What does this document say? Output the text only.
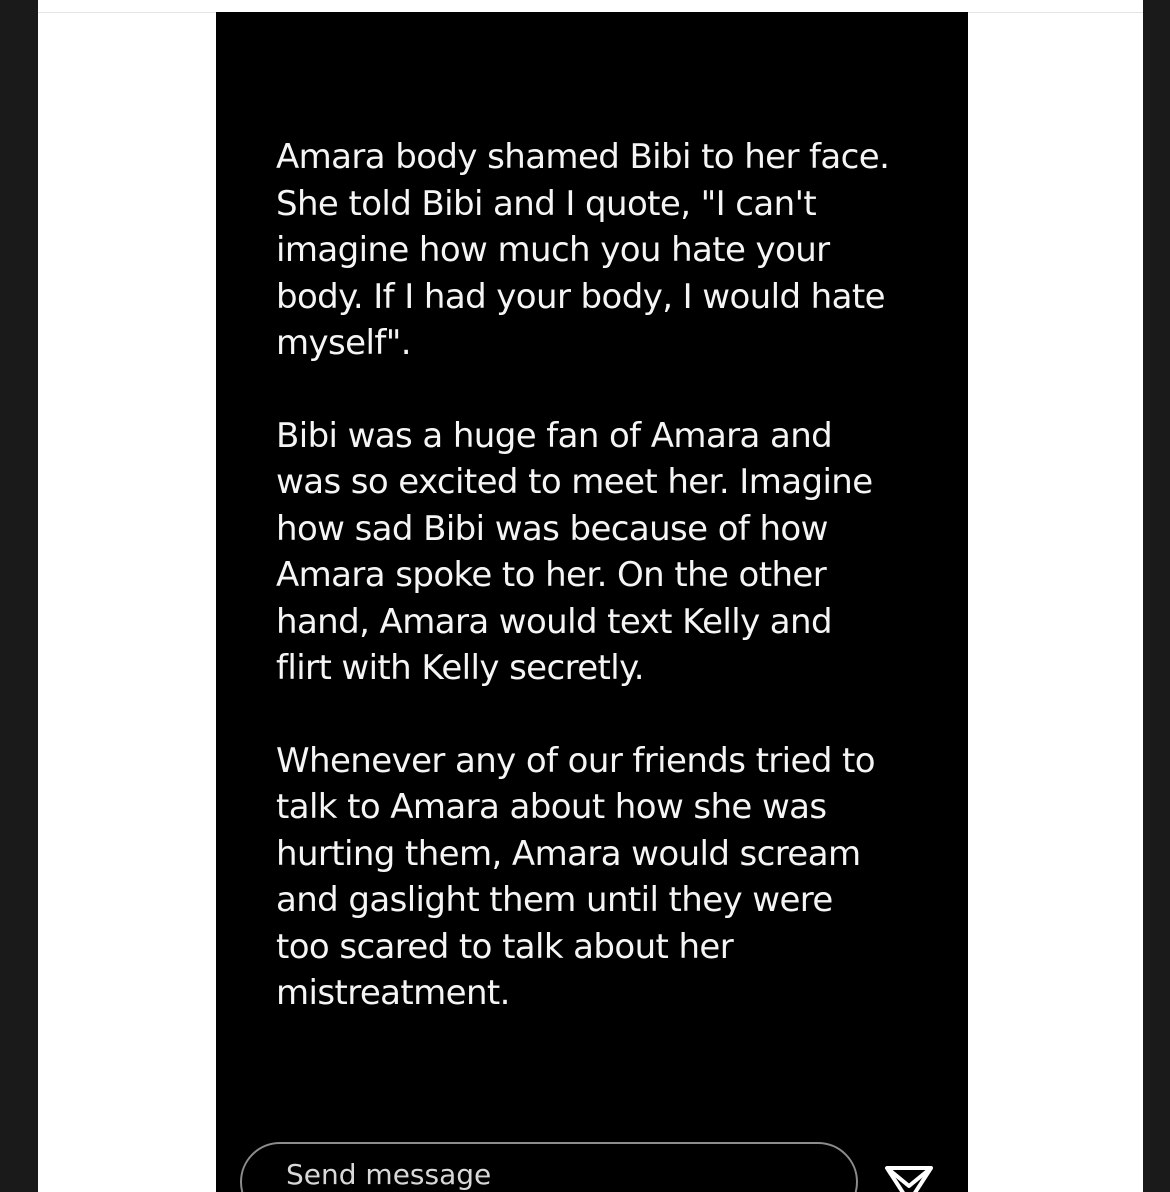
Amara body shamed Bibi to her face.
She told Bibi and I quote, "I can't
imagine how much you hate your
body. If I had your body, I would hate
myself".

Bibi was a huge fan of Amara and
was so excited to meet her. Imagine
how sad Bibi was because of how
Amara spoke to her. On the other
hand, Amara would text Kelly and
flirt with Kelly secretly.

Whenever any of our friends tried to
talk to Amara about how she was
hurting them, Amara would scream
and gaslight them until they were
too scared to talk about her
mistreatment.

Send message
